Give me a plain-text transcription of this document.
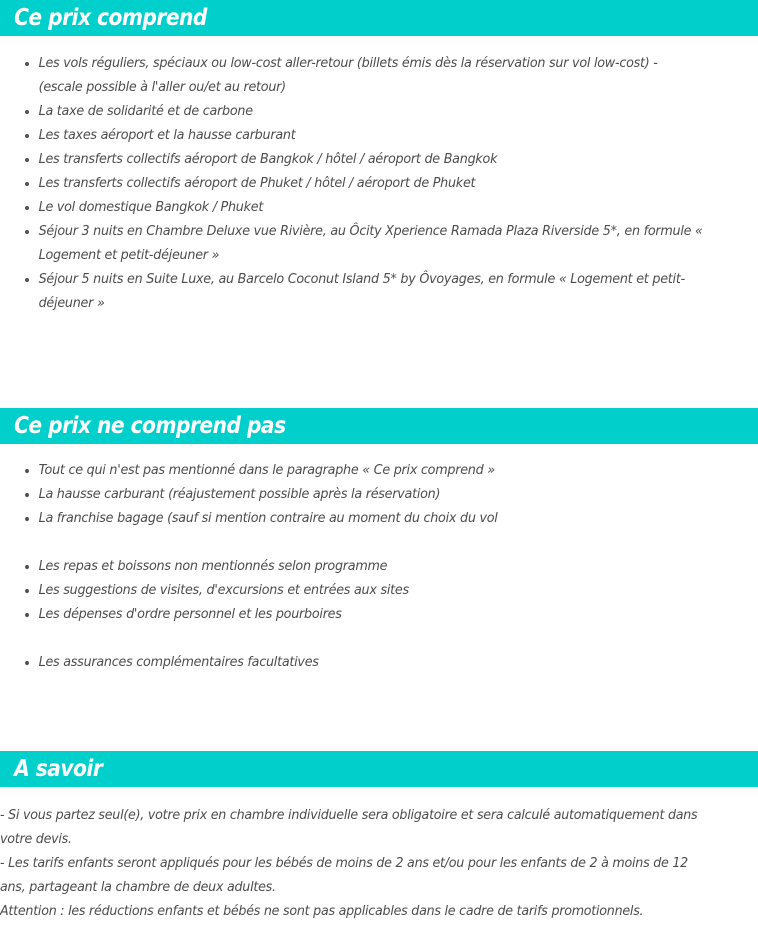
Ce prix comprend
Les vols réguliers, spéciaux ou low-cost aller-retour (billets émis dès la réservation sur vol low-cost) - (escale possible à l'aller ou/et au retour)
La taxe de solidarité et de carbone
Les taxes aéroport et la hausse carburant
Les transferts collectifs aéroport de Bangkok / hôtel / aéroport de Bangkok
Les transferts collectifs aéroport de Phuket / hôtel / aéroport de Phuket
Le vol domestique Bangkok / Phuket
Séjour 3 nuits en Chambre Deluxe vue Rivière, au Ôcity Xperience Ramada Plaza Riverside 5*, en formule « Logement et petit-déjeuner »
Séjour 5 nuits en Suite Luxe, au Barcelo Coconut Island 5* by Ôvoyages, en formule « Logement et petit-déjeuner »
Ce prix ne comprend pas
Tout ce qui n'est pas mentionné dans le paragraphe « Ce prix comprend »
La hausse carburant (réajustement possible après la réservation)
La franchise bagage (sauf si mention contraire au moment du choix du vol
Les repas et boissons non mentionnés selon programme
Les suggestions de visites, d'excursions et entrées aux sites
Les dépenses d'ordre personnel et les pourboires
Les assurances complémentaires facultatives
A savoir

- Si vous partez seul(e), votre prix en chambre individuelle sera obligatoire et sera calculé automatiquement dans votre devis.

- Les tarifs enfants seront appliqués pour les bébés de moins de 2 ans et/ou pour les enfants de 2 à moins de 12 ans, partageant la chambre de deux adultes.

Attention : les réductions enfants et bébés ne sont pas applicables dans le cadre de tarifs promotionnels.
